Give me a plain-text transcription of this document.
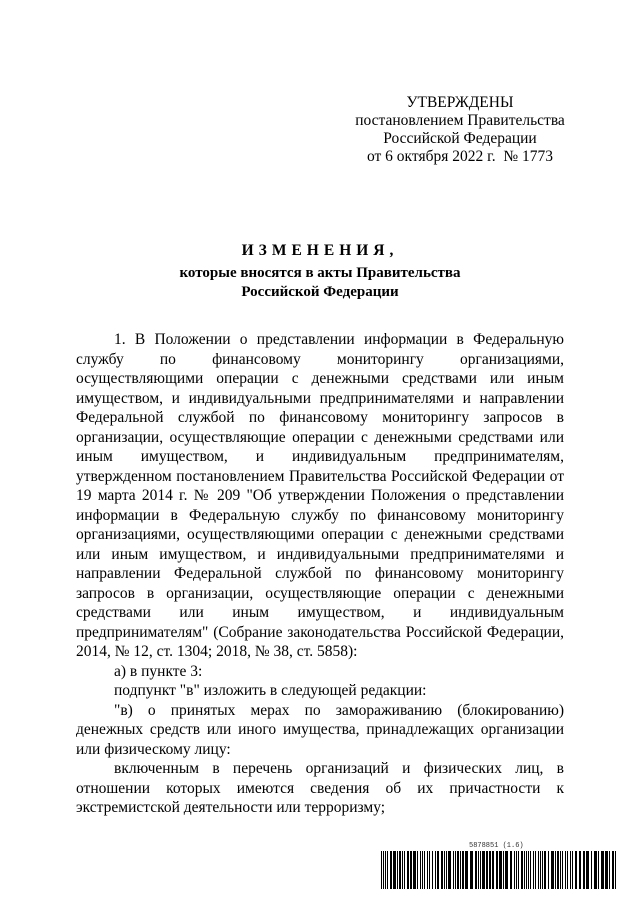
УТВЕРЖДЕНЫ
постановлением Правительства
Российской Федерации
от 6 октября 2022 г.  № 1773
ИЗМЕНЕНИЯ,
которые вносятся в акты Правительства
Российской Федерации

1. В Положении о представлении информации в Федеральную службу по финансовому мониторингу организациями, осуществляющими операции с денежными средствами или иным имуществом, и индивидуальными предпринимателями и направлении Федеральной службой по финансовому мониторингу запросов в организации, осуществляющие операции с денежными средствами или иным имуществом, и индивидуальным предпринимателям, утвержденном постановлением Правительства Российской Федерации от 19 марта 2014 г. № 209 "Об утверждении Положения о представлении информации в Федеральную службу по финансовому мониторингу организациями, осуществляющими операции с денежными средствами или иным имуществом, и индивидуальными предпринимателями и направлении Федеральной службой по финансовому мониторингу запросов в организации, осуществляющие операции с денежными средствами или иным имуществом, и индивидуальным предпринимателям" (Собрание законодательства Российской Федерации, 2014, № 12, ст. 1304; 2018, № 38, ст. 5858):

а) в пункте 3:

подпункт "в" изложить в следующей редакции:

"в) о принятых мерах по замораживанию (блокированию) денежных средств или иного имущества, принадлежащих организации или физическому лицу:

включенным в перечень организаций и физических лиц, в отношении которых имеются сведения об их причастности к экстремистской деятельности или терроризму;

5878851 (1.6)
